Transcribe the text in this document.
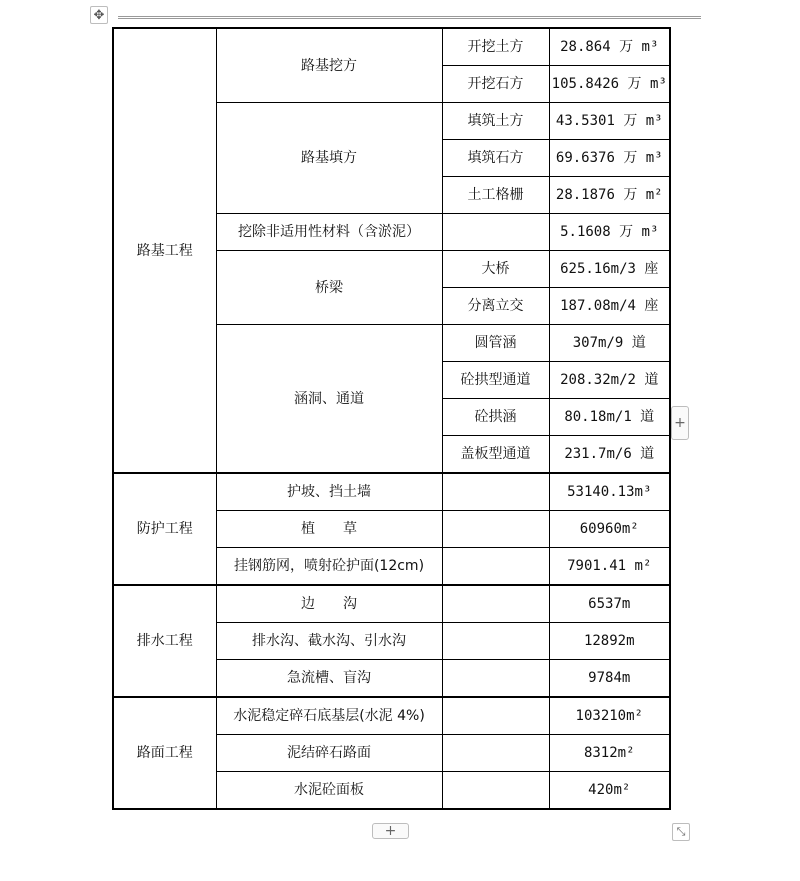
✥
路基工程	路基挖方	开挖土方	28.864 万 m³
		开挖石方	105.8426 万 m³
	路基填方	填筑土方	43.5301 万 m³
		填筑石方	69.6376 万 m³
		土工格栅	28.1876 万 m²
	挖除非适用性材料（含淤泥）		5.1608 万 m³
	桥梁	大桥	625.16m/3 座
		分离立交	187.08m/4 座
	涵洞、通道	圆管涵	307m/9 道
		砼拱型通道	208.32m/2 道
		砼拱涵	80.18m/1 道
		盖板型通道	231.7m/6 道
防护工程	护坡、挡土墙		53140.13m³
	植　　草		60960m²
	挂钢筋网，喷射砼护面(12cm)		7901.41 m²
排水工程	边　　沟		6537m
	排水沟、截水沟、引水沟		12892m
	急流槽、盲沟		9784m
路面工程	水泥稳定碎石底基层(水泥 4%)		103210m²
	泥结碎石路面		8312m²
	水泥砼面板		420m²
+
+	⤡
